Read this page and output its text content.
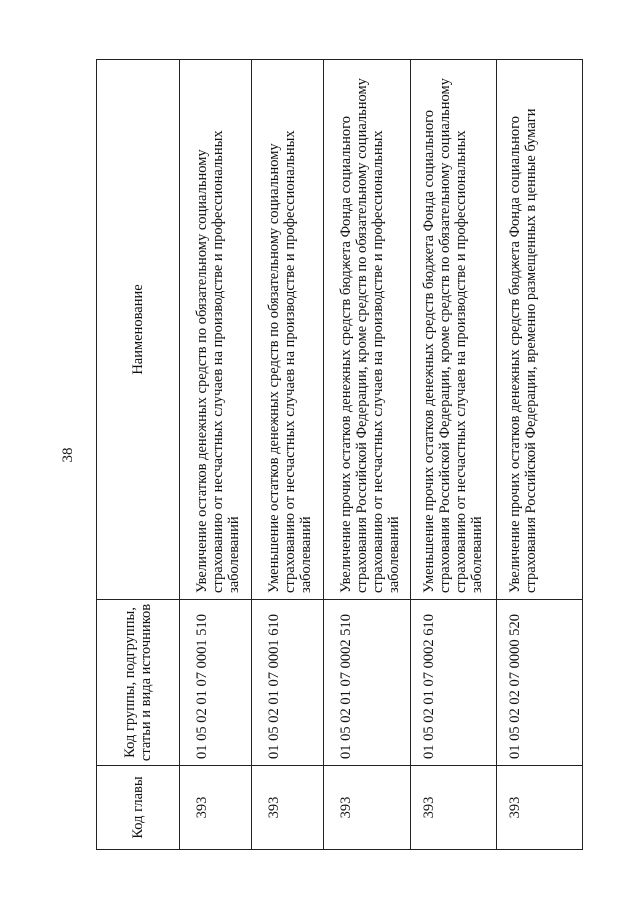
38
Код главы	Код группы, подгруппы, статьи и вида источников	Наименование
393	01 05 02 01 07 0001 510	Увеличение остатков денежных средств по обязательному социальному страхованию от несчастных случаев на производстве и профессиональных заболеваний
393	01 05 02 01 07 0001 610	Уменьшение остатков денежных средств по обязательному социальному страхованию от несчастных случаев на производстве и профессиональных заболеваний
393	01 05 02 01 07 0002 510	Увеличение прочих остатков денежных средств бюджета Фонда социального страхования Российской Федерации, кроме средств по обязательному социальному страхованию от несчастных случаев на производстве и профессиональных заболеваний
393	01 05 02 01 07 0002 610	Уменьшение прочих остатков денежных средств бюджета Фонда социального страхования Российской Федерации, кроме средств по обязательному социальному страхованию от несчастных случаев на производстве и профессиональных заболеваний
393	01 05 02 02 07 0000 520	Увеличение прочих остатков денежных средств бюджета Фонда социального страхования Российской Федерации, временно размещенных в ценные бумаги
